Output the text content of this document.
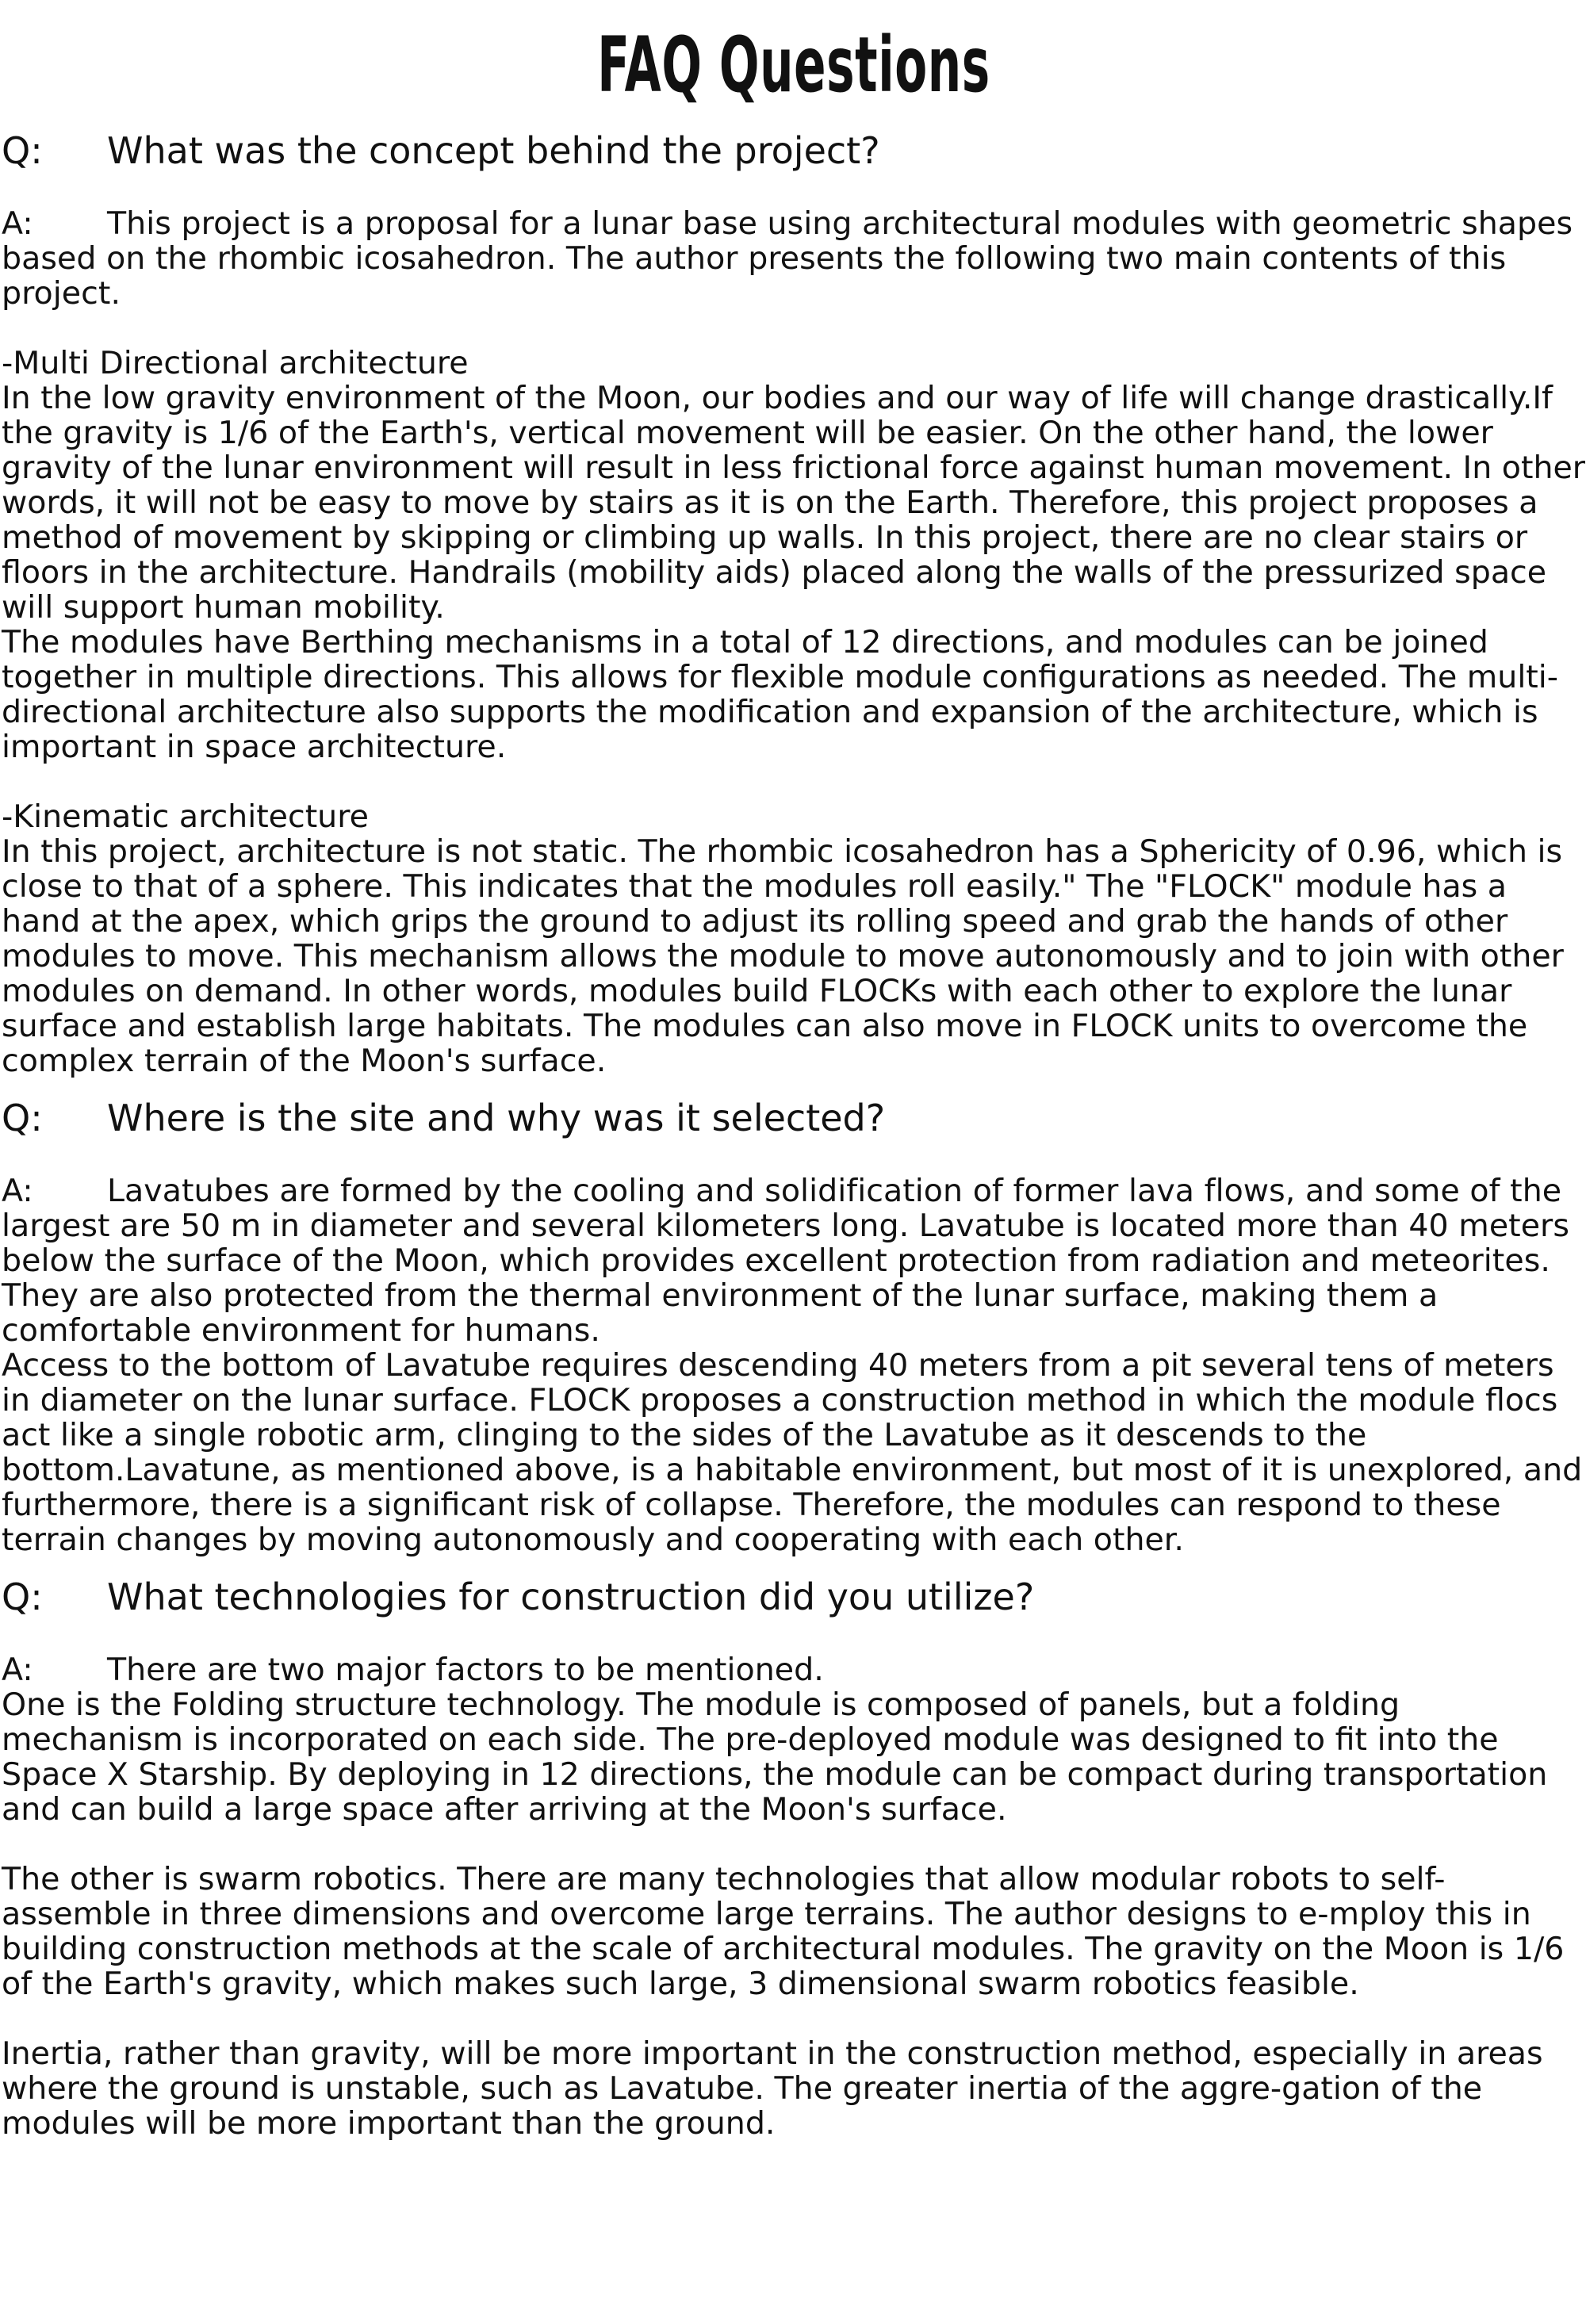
FAQ Questions
Q:	What was the concept behind the project?

A: This project is a proposal for a lunar base using architectural modules with geometric shapes based on the rhombic icosahedron. The author presents the following two main contents of this project.

-Multi Directional architecture

In the low gravity environment of the Moon, our bodies and our way of life will change drastically.If the gravity is 1/6 of the Earth's, vertical movement will be easier. On the other hand, the lower gravity of the lunar environment will result in less frictional force against human movement. In other words, it will not be easy to move by stairs as it is on the Earth. Therefore, this project proposes a method of movement by skipping or climbing up walls. In this project, there are no clear stairs or floors in the architecture. Handrails (mobility aids) placed along the walls of the pressurized space will support human mobility.

The modules have Berthing mechanisms in a total of 12 directions, and modules can be joined together in multiple directions. This allows for flexible module configurations as needed. The multi-directional architecture also supports the modification and expansion of the architecture, which is important in space architecture.

-Kinematic architecture

In this project, architecture is not static. The rhombic icosahedron has a Sphericity of 0.96, which is close to that of a sphere. This indicates that the modules roll easily." The "FLOCK" module has a hand at the apex, which grips the ground to adjust its rolling speed and grab the hands of other modules to move. This mechanism allows the module to move autonomously and to join with other modules on demand. In other words, modules build FLOCKs with each other to explore the lunar surface and establish large habitats. The modules can also move in FLOCK units to overcome the complex terrain of the Moon's surface.

Q:	Where is the site and why was it selected?

A: Lavatubes are formed by the cooling and solidification of former lava flows, and some of the largest are 50 m in diameter and several kilometers long. Lavatube is located more than 40 meters below the surface of the Moon, which provides excellent protection from radiation and meteorites. They are also protected from the thermal environment of the lunar surface, making them a comfortable environment for humans.

Access to the bottom of Lavatube requires descending 40 meters from a pit several tens of meters in diameter on the lunar surface. FLOCK proposes a construction method in which the module flocs act like a single robotic arm, clinging to the sides of the Lavatube as it descends to the bottom.Lavatune, as mentioned above, is a habitable environment, but most of it is unexplored, and furthermore, there is a significant risk of collapse. Therefore, the modules can respond to these terrain changes by moving autonomously and cooperating with each other.

Q:	What technologies for construction did you utilize?

A: There are two major factors to be mentioned.

One is the Folding structure technology. The module is composed of panels, but a folding mechanism is incorporated on each side. The pre-deployed module was designed to fit into the Space X Starship. By deploying in 12 directions, the module can be compact during transportation and can build a large space after arriving at the Moon's surface.

The other is swarm robotics. There are many technologies that allow modular robots to self-assemble in three dimensions and overcome large terrains. The author designs to e-mploy this in building construction methods at the scale of architectural modules. The gravity on the Moon is 1/6 of the Earth's gravity, which makes such large, 3 dimensional swarm robotics feasible.

Inertia, rather than gravity, will be more important in the construction method, especially in areas where the ground is unstable, such as Lavatube. The greater inertia of the aggre-gation of the modules will be more important than the ground.
